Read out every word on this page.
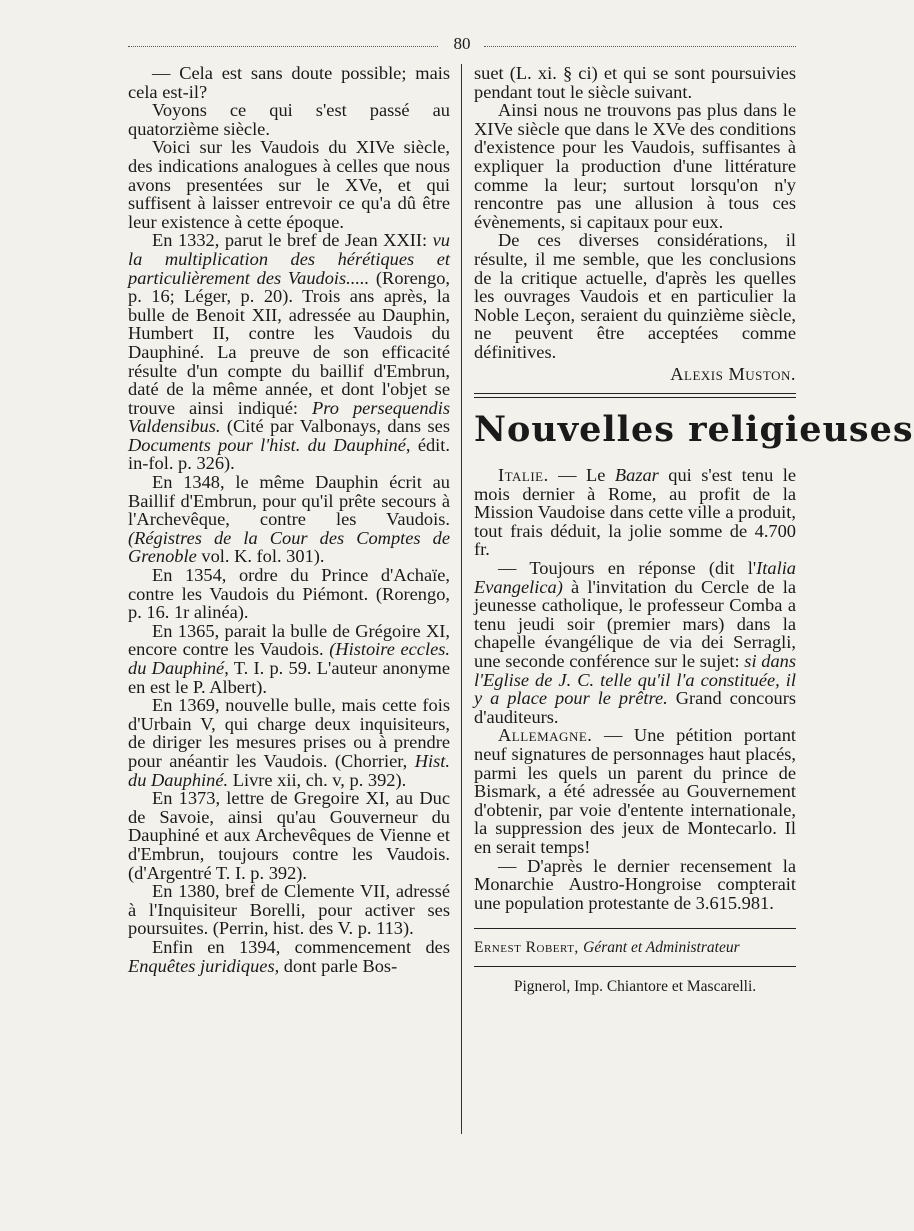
80

— Cela est sans doute possible; mais cela est-il?

Voyons ce qui s'est passé au quatorzième siècle.

Voici sur les Vaudois du XIVe siècle, des indications analogues à celles que nous avons presentées sur le XVe, et qui suffisent à laisser entrevoir ce qu'a dû être leur existence à cette époque.

En 1332, parut le bref de Jean XXII: vu la multiplication des hérétiques et particulièrement des Vaudois..... (Rorengo, p. 16; Léger, p. 20). Trois ans après, la bulle de Benoit XII, adressée au Dauphin, Humbert II, contre les Vaudois du Dauphiné. La preuve de son efficacité résulte d'un compte du baillif d'Embrun, daté de la même année, et dont l'objet se trouve ainsi indiqué: Pro persequendis Valdensibus. (Cité par Valbonays, dans ses Documents pour l'hist. du Dauphiné, édit. in-fol. p. 326).

En 1348, le même Dauphin écrit au Baillif d'Embrun, pour qu'il prête secours à l'Archevêque, contre les Vaudois. (Régistres de la Cour des Comptes de Grenoble vol. K. fol. 301).

En 1354, ordre du Prince d'Achaïe, contre les Vaudois du Piémont. (Rorengo, p. 16. 1r alinéa).

En 1365, parait la bulle de Grégoire XI, encore contre les Vaudois. (Histoire eccles. du Dauphiné, T. I. p. 59. L'auteur anonyme en est le P. Albert).

En 1369, nouvelle bulle, mais cette fois d'Urbain V, qui charge deux inquisiteurs, de diriger les mesures prises ou à prendre pour anéantir les Vaudois. (Chorrier, Hist. du Dauphiné. Livre xii, ch. v, p. 392).

En 1373, lettre de Gregoire XI, au Duc de Savoie, ainsi qu'au Gouverneur du Dauphiné et aux Archevêques de Vienne et d'Embrun, toujours contre les Vaudois. (d'Argentré T. I. p. 392).

En 1380, bref de Clemente VII, adressé à l'Inquisiteur Borelli, pour activer ses poursuites. (Perrin, hist. des V. p. 113).

Enfin en 1394, commencement des Enquêtes juridiques, dont parle Bos-

suet (L. xi. § ci) et qui se sont poursuivies pendant tout le siècle suivant.

Ainsi nous ne trouvons pas plus dans le XIVe siècle que dans le XVe des conditions d'existence pour les Vaudois, suffisantes à expliquer la production d'une littérature comme la leur; surtout lorsqu'on n'y rencontre pas une allusion à tous ces évènements, si capitaux pour eux.

De ces diverses considérations, il résulte, il me semble, que les conclusions de la critique actuelle, d'après les quelles les ouvrages Vaudois et en particulier la Noble Leçon, seraient du quinzième siècle, ne peuvent être acceptées comme définitives.

Alexis Muston.
Nouvelles religieuses

Italie. — Le Bazar qui s'est tenu le mois dernier à Rome, au profit de la Mission Vaudoise dans cette ville a produit, tout frais déduit, la jolie somme de 4.700 fr.

— Toujours en réponse (dit l'Italia Evangelica) à l'invitation du Cercle de la jeunesse catholique, le professeur Comba a tenu jeudi soir (premier mars) dans la chapelle évangélique de via dei Serragli, une seconde conférence sur le sujet: si dans l'Eglise de J. C. telle qu'il l'a constituée, il y a place pour le prêtre. Grand concours d'auditeurs.

Allemagne. — Une pétition portant neuf signatures de personnages haut placés, parmi les quels un parent du prince de Bismark, a été adressée au Gouvernement d'obtenir, par voie d'entente internationale, la suppression des jeux de Montecarlo. Il en serait temps!

— D'après le dernier recensement la Monarchie Austro-Hongroise compterait une population protestante de 3.615.981.

Ernest Robert, Gérant et Administrateur
Pignerol, Imp. Chiantore et Mascarelli.
